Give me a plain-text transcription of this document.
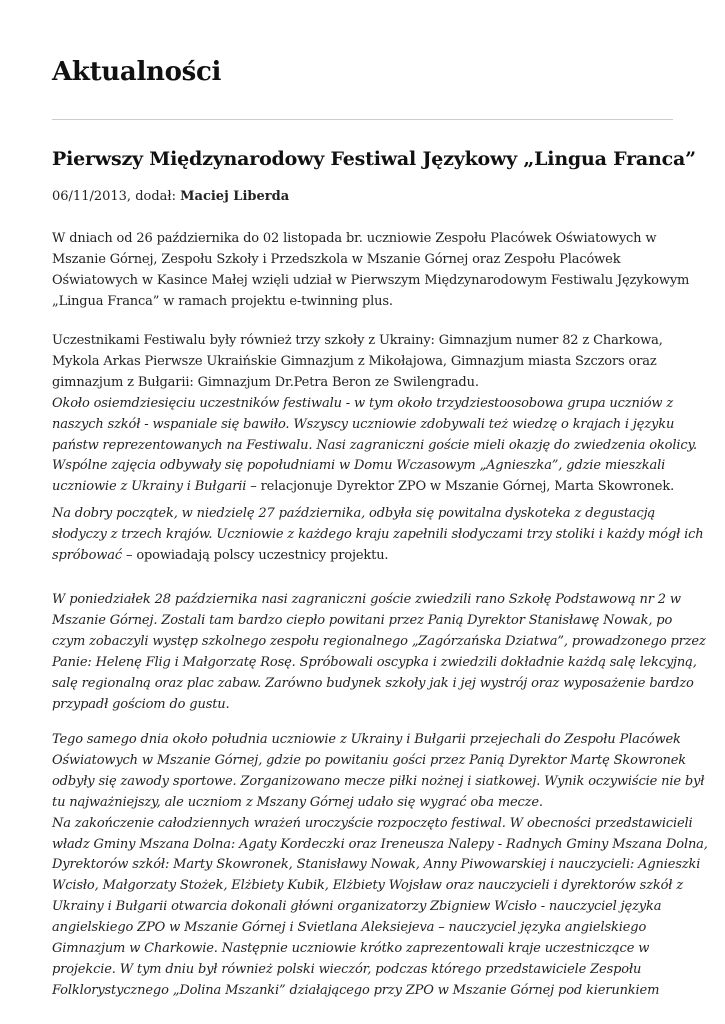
Aktualności
Pierwszy Międzynarodowy Festiwal Językowy „Lingua Franca”
06/11/2013, dodał: Maciej Liberda
W dniach od 26 października do 02 listopada br. uczniowie Zespołu Placówek Oświatowych w
Mszanie Górnej, Zespołu Szkoły i Przedszkola w Mszanie Górnej oraz Zespołu Placówek
Oświatowych w Kasince Małej wzięli udział w Pierwszym Międzynarodowym Festiwalu Językowym
„Lingua Franca” w ramach projektu e-twinning plus.
Uczestnikami Festiwalu były również trzy szkoły z Ukrainy: Gimnazjum numer 82 z Charkowa,
Mykola Arkas Pierwsze Ukraińskie Gimnazjum z Mikołajowa, Gimnazjum miasta Szczors oraz
gimnazjum z Bułgarii: Gimnazjum Dr.Petra Beron ze Swilengradu.
Około osiemdziesięciu uczestników festiwalu - w tym około trzydziestoosobowa grupa uczniów z
naszych szkół - wspaniale się bawiło. Wszyscy uczniowie zdobywali też wiedzę o krajach i języku
państw reprezentowanych na Festiwalu. Nasi zagraniczni goście mieli okazję do zwiedzenia okolicy.
Wspólne zajęcia odbywały się popołudniami w Domu Wczasowym „Agnieszka”, gdzie mieszkali
uczniowie z Ukrainy i Bułgarii – relacjonuje Dyrektor ZPO w Mszanie Górnej, Marta Skowronek.
Na dobry początek, w niedzielę 27 października, odbyła się powitalna dyskoteka z degustacją
słodyczy z trzech krajów. Uczniowie z każdego kraju zapełnili słodyczami trzy stoliki i każdy mógł ich
spróbować – opowiadają polscy uczestnicy projektu.
W poniedziałek 28 października nasi zagraniczni goście zwiedzili rano Szkołę Podstawową nr 2 w
Mszanie Górnej. Zostali tam bardzo ciepło powitani przez Panią Dyrektor Stanisławę Nowak, po
czym zobaczyli występ szkolnego zespołu regionalnego „Zagórzańska Dziatwa”, prowadzonego przez
Panie: Helenę Flig i Małgorzatę Rosę. Spróbowali oscypka i zwiedzili dokładnie każdą salę lekcyjną,
salę regionalną oraz plac zabaw. Zarówno budynek szkoły jak i jej wystrój oraz wyposażenie bardzo
przypadł gościom do gustu.
Tego samego dnia około południa uczniowie z Ukrainy i Bułgarii przejechali do Zespołu Placówek
Oświatowych w Mszanie Górnej, gdzie po powitaniu gości przez Panią Dyrektor Martę Skowronek
odbyły się zawody sportowe. Zorganizowano mecze piłki nożnej i siatkowej. Wynik oczywiście nie był
tu najważniejszy, ale uczniom z Mszany Górnej udało się wygrać oba mecze.
Na zakończenie całodziennych wrażeń uroczyście rozpoczęto festiwal. W obecności przedstawicieli
władz Gminy Mszana Dolna: Agaty Kordeczki oraz Ireneusza Nalepy - Radnych Gminy Mszana Dolna,
Dyrektorów szkół: Marty Skowronek, Stanisławy Nowak, Anny Piwowarskiej i nauczycieli: Agnieszki
Wcisło, Małgorzaty Stożek, Elżbiety Kubik, Elżbiety Wojsław oraz nauczycieli i dyrektorów szkół z
Ukrainy i Bułgarii otwarcia dokonali główni organizatorzy Zbigniew Wcisło - nauczyciel języka
angielskiego ZPO w Mszanie Górnej i Svietlana Aleksiejeva – nauczyciel języka angielskiego
Gimnazjum w Charkowie. Następnie uczniowie krótko zaprezentowali kraje uczestniczące w
projekcie. W tym dniu był również polski wieczór, podczas którego przedstawiciele Zespołu
Folklorystycznego „Dolina Mszanki” działającego przy ZPO w Mszanie Górnej pod kierunkiem
